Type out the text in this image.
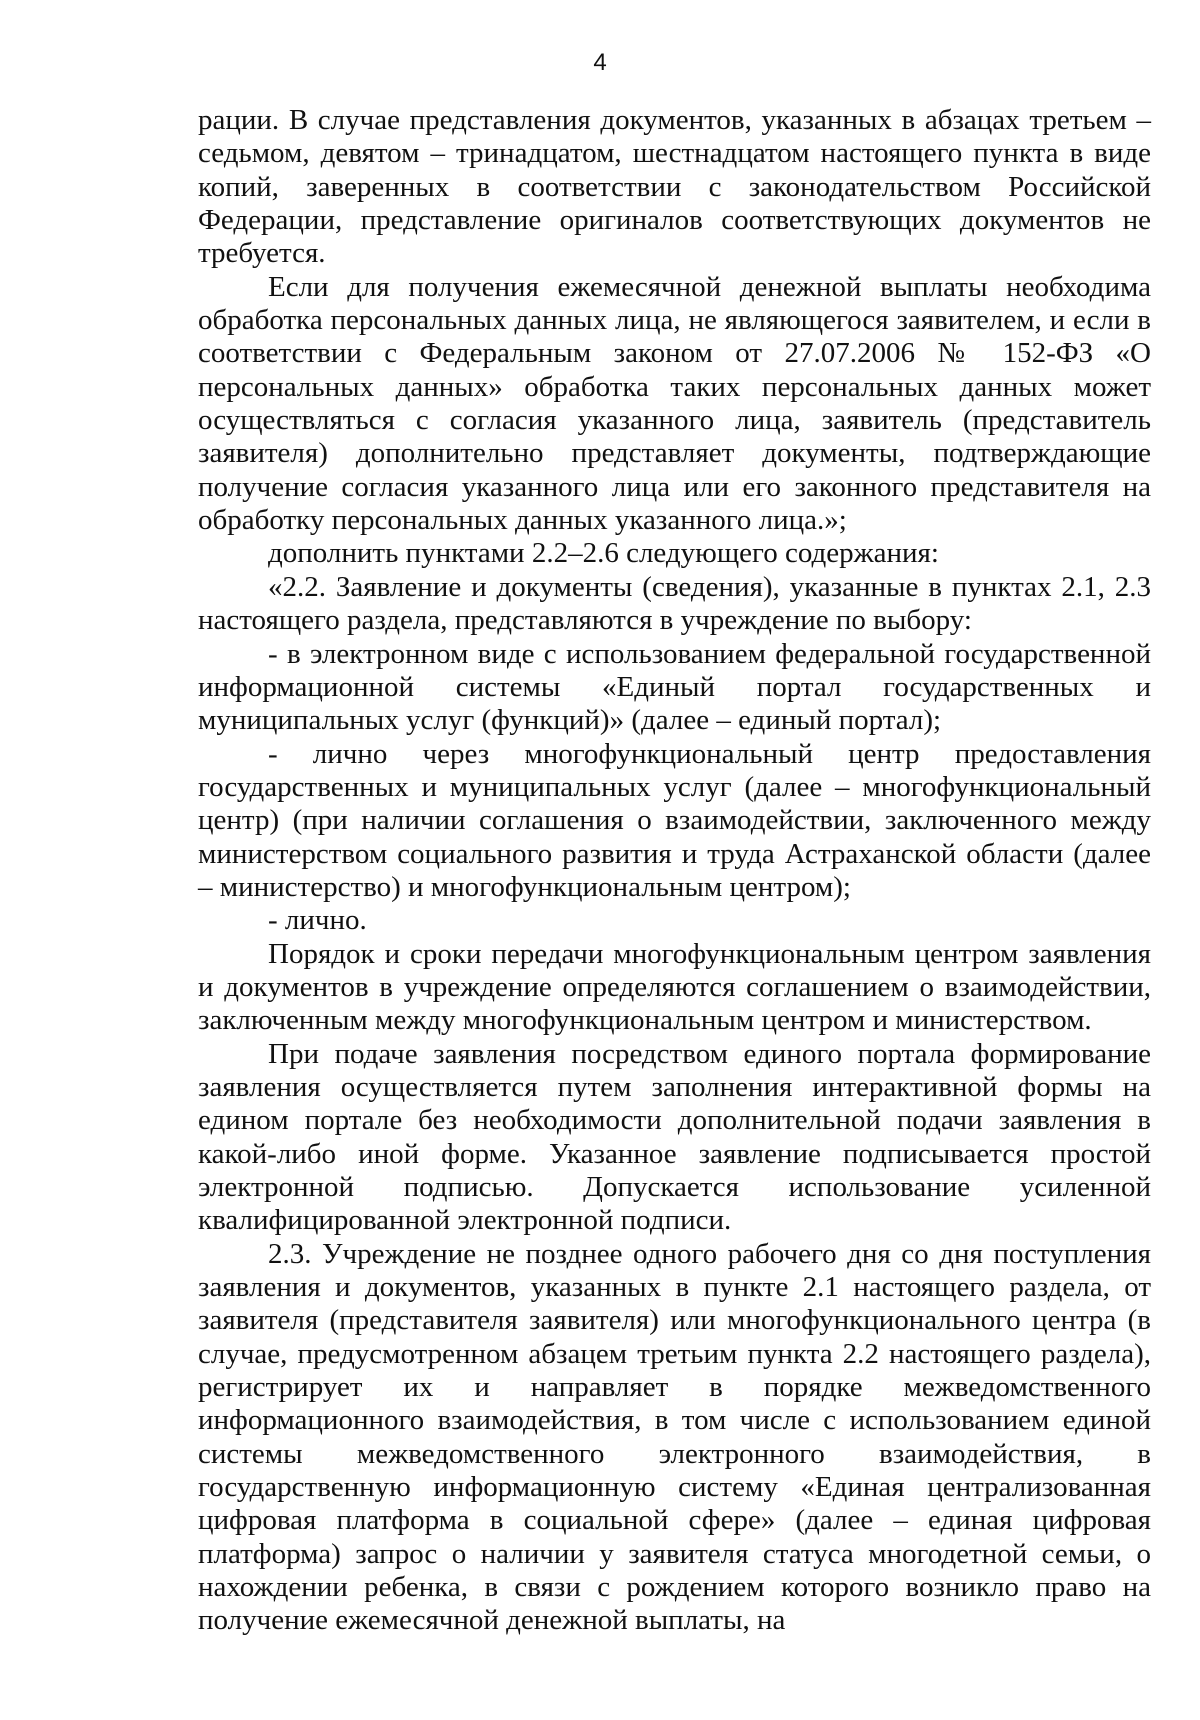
4

рации. В случае представления документов, указанных в абзацах третьем – седьмом, девятом – тринадцатом, шестнадцатом настоящего пункта в виде копий, заверенных в соответствии с законодательством Российской Федерации, представление оригиналов соответствующих документов не требуется.

Если для получения ежемесячной денежной выплаты необходима обработка персональных данных лица, не являющегося заявителем, и если в соответствии с Федеральным законом от 27.07.2006 № 152-ФЗ «О персональных данных» обработка таких персональных данных может осуществляться с согласия указанного лица, заявитель (представитель заявителя) дополнительно представляет документы, подтверждающие получение согласия указанного лица или его законного представителя на обработку персональных данных указанного лица.»;

дополнить пунктами 2.2–2.6 следующего содержания:

«2.2. Заявление и документы (сведения), указанные в пунктах 2.1, 2.3 настоящего раздела, представляются в учреждение по выбору:

- в электронном виде с использованием федеральной государственной информационной системы «Единый портал государственных и муниципальных услуг (функций)» (далее – единый портал);

- лично через многофункциональный центр предоставления государственных и муниципальных услуг (далее – многофункциональный центр) (при наличии соглашения о взаимодействии, заключенного между министерством социального развития и труда Астраханской области (далее – министерство) и многофункциональным центром);

- лично.

Порядок и сроки передачи многофункциональным центром заявления и документов в учреждение определяются соглашением о взаимодействии, заключенным между многофункциональным центром и министерством.

При подаче заявления посредством единого портала формирование заявления осуществляется путем заполнения интерактивной формы на едином портале без необходимости дополнительной подачи заявления в какой-либо иной форме. Указанное заявление подписывается простой электронной подписью. Допускается использование усиленной квалифицированной электронной подписи.

2.3. Учреждение не позднее одного рабочего дня со дня поступления заявления и документов, указанных в пункте 2.1 настоящего раздела, от заявителя (представителя заявителя) или многофункционального центра (в случае, предусмотренном абзацем третьим пункта 2.2 настоящего раздела), регистрирует их и направляет в порядке межведомственного информационного взаимодействия, в том числе с использованием единой системы межведомственного электронного взаимодействия, в государственную информационную систему «Единая централизованная цифровая платформа в социальной сфере» (далее – единая цифровая платформа) запрос о наличии у заявителя статуса многодетной семьи, о нахождении ребенка, в связи с рождением которого возникло право на получение ежемесячной денежной выплаты, на
